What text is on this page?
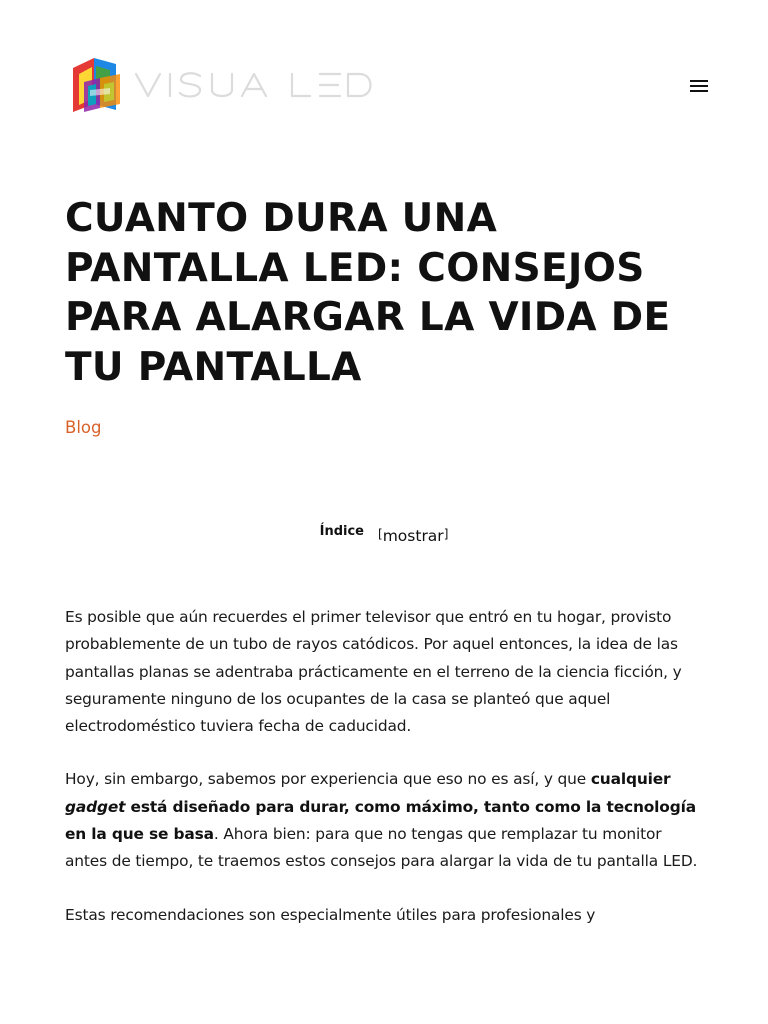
CUANTO DURA UNA PANTALLA LED: CONSEJOS PARA ALARGAR LA VIDA DE TU PANTALLA
Blog
$^{Índice}$ [mostrar]

Es posible que aún recuerdes el primer televisor que entró en tu hogar, provisto probablemente de un tubo de rayos catódicos. Por aquel entonces, la idea de las pantallas planas se adentraba prácticamente en el terreno de la ciencia ficción, y seguramente ninguno de los ocupantes de la casa se planteó que aquel electrodoméstico tuviera fecha de caducidad.

Hoy, sin embargo, sabemos por experiencia que eso no es así, y que cualquier gadget está diseñado para durar, como máximo, tanto como la tecnología en la que se basa. Ahora bien: para que no tengas que remplazar tu monitor antes de tiempo, te traemos estos consejos para alargar la vida de tu pantalla LED.

Estas recomendaciones son especialmente útiles para profesionales y
